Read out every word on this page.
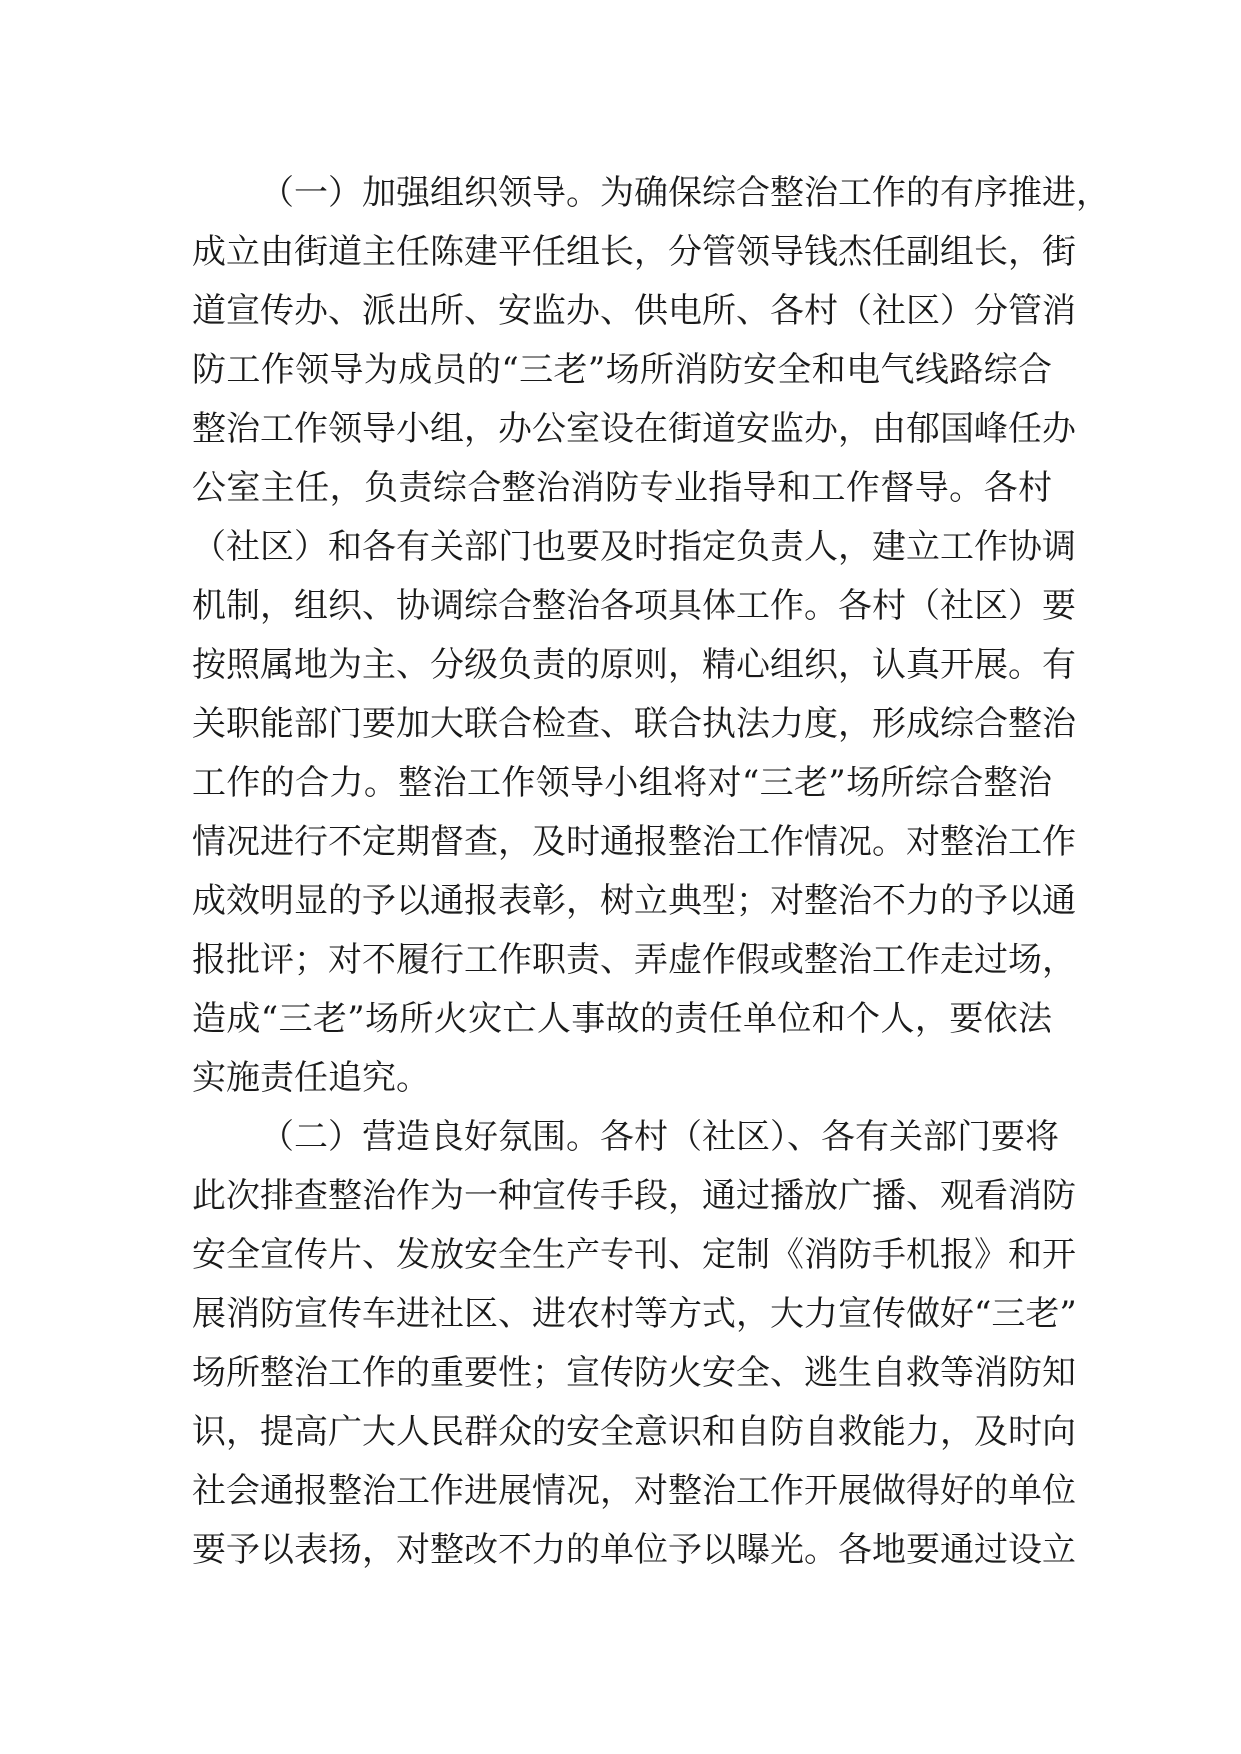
（一）加强组织领导。为确保综合整治工作的有序推进，
成立由街道主任陈建平任组长，分管领导钱杰任副组长，街
道宣传办、派出所、安监办、供电所、各村（社区）分管消
防工作领导为成员的“三老”场所消防安全和电气线路综合
整治工作领导小组，办公室设在街道安监办，由郁国峰任办
公室主任，负责综合整治消防专业指导和工作督导。各村
（社区）和各有关部门也要及时指定负责人，建立工作协调
机制，组织、协调综合整治各项具体工作。各村（社区）要
按照属地为主、分级负责的原则，精心组织，认真开展。有
关职能部门要加大联合检查、联合执法力度，形成综合整治
工作的合力。整治工作领导小组将对“三老”场所综合整治
情况进行不定期督查，及时通报整治工作情况。对整治工作
成效明显的予以通报表彰，树立典型；对整治不力的予以通
报批评；对不履行工作职责、弄虚作假或整治工作走过场，
造成“三老”场所火灾亡人事故的责任单位和个人，要依法
实施责任追究。
（二）营造良好氛围。各村（社区）、各有关部门要将
此次排查整治作为一种宣传手段，通过播放广播、观看消防
安全宣传片、发放安全生产专刊、定制《消防手机报》和开
展消防宣传车进社区、进农村等方式，大力宣传做好“三老”
场所整治工作的重要性；宣传防火安全、逃生自救等消防知
识，提高广大人民群众的安全意识和自防自救能力，及时向
社会通报整治工作进展情况，对整治工作开展做得好的单位
要予以表扬，对整改不力的单位予以曝光。各地要通过设立
